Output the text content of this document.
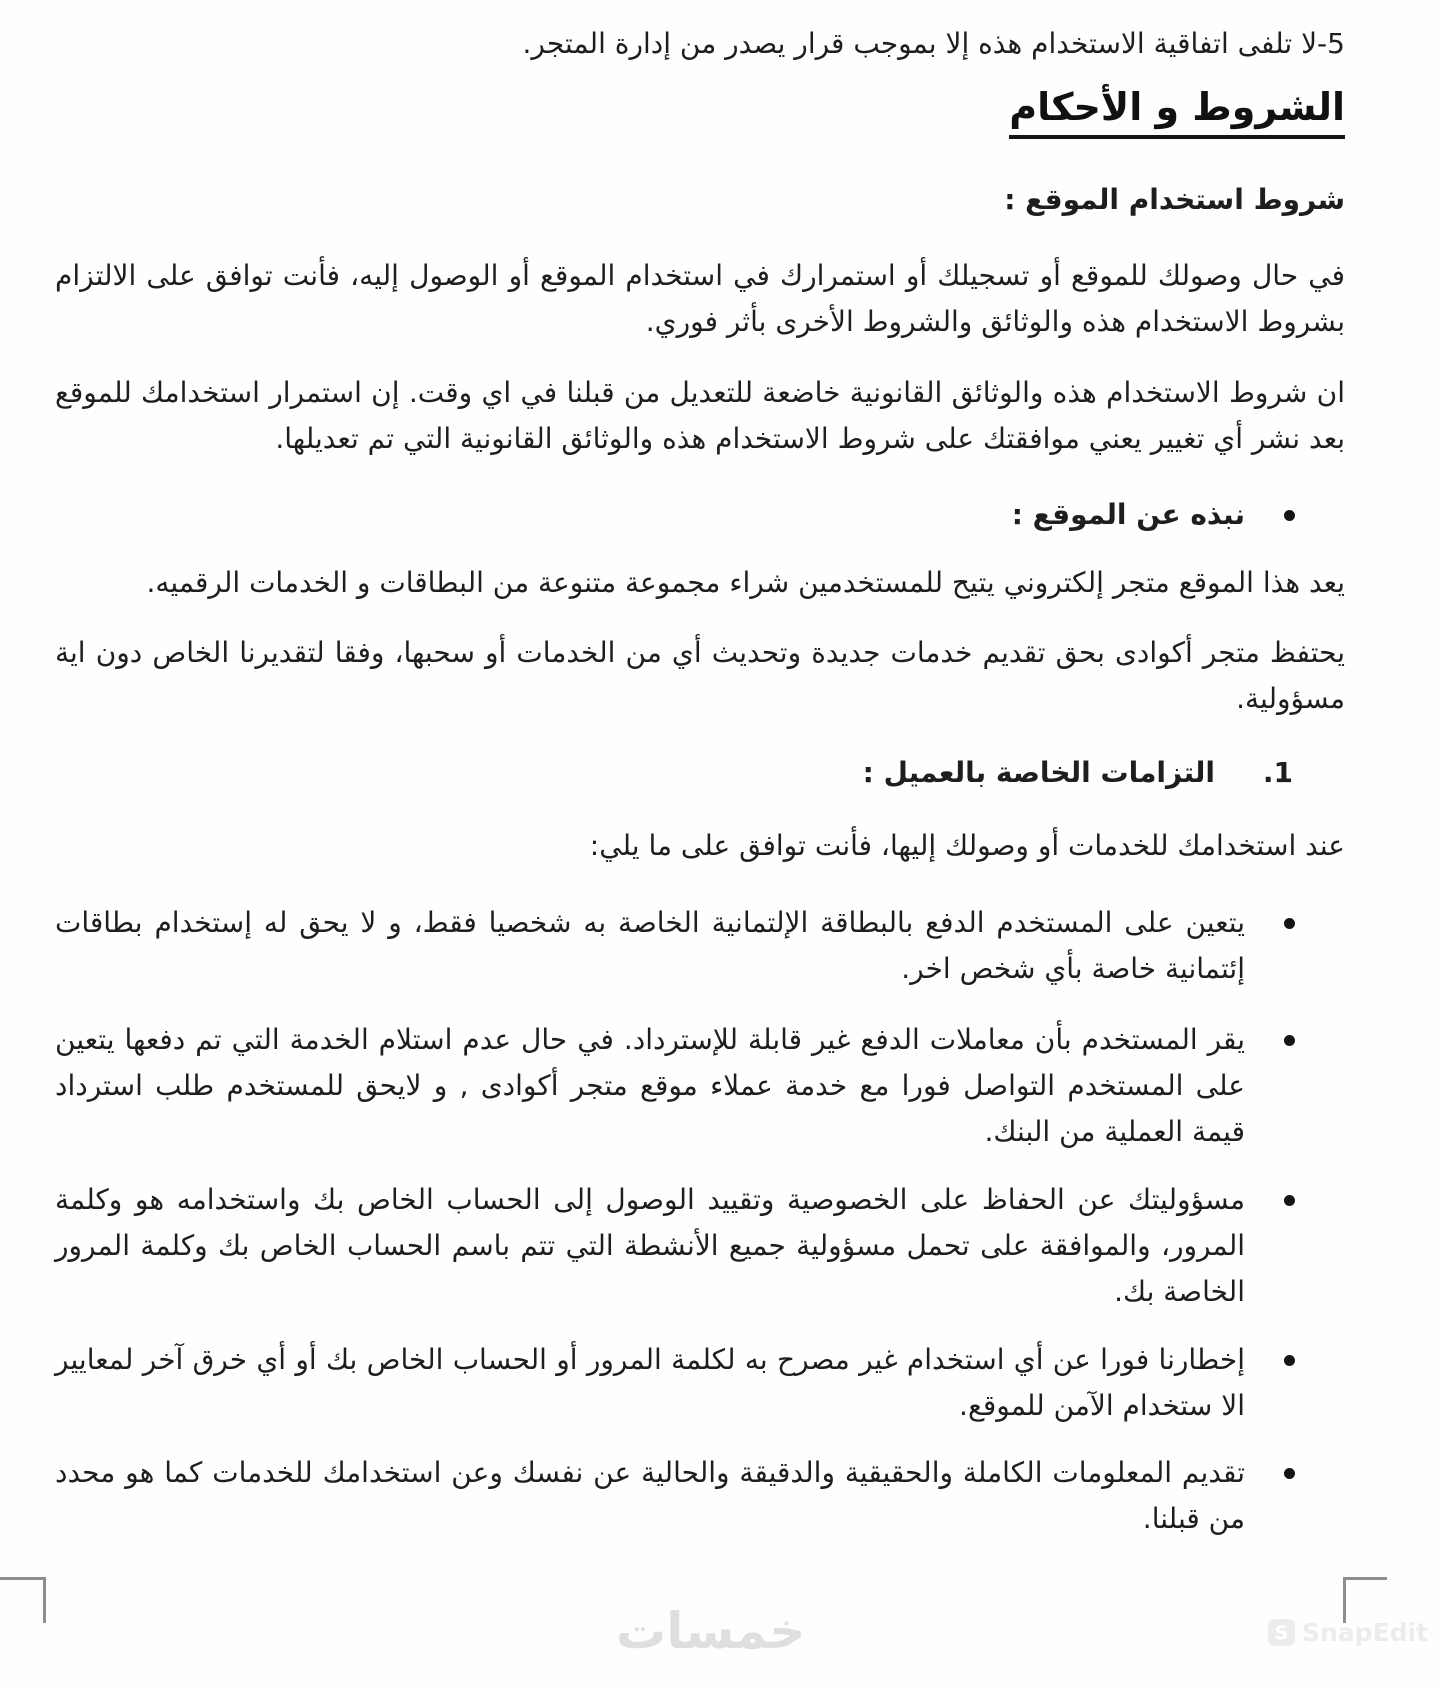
5-لا تلفى اتفاقية الاستخدام هذه إلا بموجب قرار يصدر من إدارة المتجر.
الشروط و الأحكام
شروط استخدام الموقع :

في حال وصولك للموقع أو تسجيلك أو استمرارك في استخدام الموقع أو الوصول إليه، فأنت توافق على الالتزام بشروط الاستخدام هذه والوثائق والشروط الأخرى بأثر فوري.

ان شروط الاستخدام هذه والوثائق القانونية خاضعة للتعديل من قبلنا في اي وقت. إن استمرار استخدامك للموقع بعد نشر أي تغيير يعني موافقتك على شروط الاستخدام هذه والوثائق القانونية التي تم تعديلها.

نبذه عن الموقع :

يعد هذا الموقع متجر إلكتروني يتيح للمستخدمين شراء مجموعة متنوعة من البطاقات و الخدمات الرقميه.

يحتفظ متجر أكوادى بحق تقديم خدمات جديدة وتحديث أي من الخدمات أو سحبها، وفقا لتقديرنا الخاص دون اية مسؤولية.

1.
التزامات الخاصة بالعميل :

عند استخدامك للخدمات أو وصولك إليها، فأنت توافق على ما يلي:

يتعين على المستخدم الدفع بالبطاقة الإلتمانية الخاصة به شخصيا فقط، و لا يحق له إستخدام بطاقات إئتمانية خاصة بأي شخص اخر.
يقر المستخدم بأن معاملات الدفع غير قابلة للإسترداد. في حال عدم استلام الخدمة التي تم دفعها يتعين على المستخدم التواصل فورا مع خدمة عملاء موقع متجر أكوادى , و لايحق للمستخدم طلب استرداد قيمة العملية من البنك.
مسؤوليتك عن الحفاظ على الخصوصية وتقييد الوصول إلى الحساب الخاص بك واستخدامه هو وكلمة المرور، والموافقة على تحمل مسؤولية جميع الأنشطة التي تتم باسم الحساب الخاص بك وكلمة المرور الخاصة بك.
إخطارنا فورا عن أي استخدام غير مصرح به لكلمة المرور أو الحساب الخاص بك أو أي خرق آخر لمعايير الا ستخدام الآمن للموقع.
تقديم المعلومات الكاملة والحقيقية والدقيقة والحالية عن نفسك وعن استخدامك للخدمات كما هو محدد من قبلنا.
خمسات	S SnapEdit
